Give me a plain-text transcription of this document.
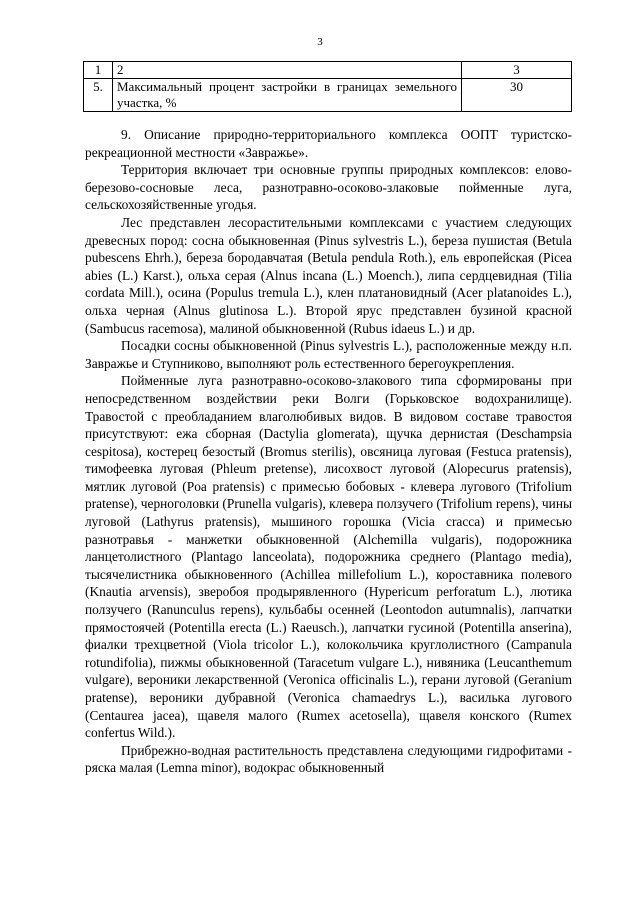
3
1	2	3
5.	Максимальный процент застройки в границах земельного участка, %	30

9. Описание природно-территориального комплекса ООПТ туристско-рекреационной местности «Завражье».

Территория включает три основные группы природных комплексов: елово-березово-сосновые леса, разнотравно-осоково-злаковые пойменные луга, сельскохозяйственные угодья.

Лес представлен лесорастительными комплексами с участием следующих древесных пород: сосна обыкновенная (Pinus sylvestris L.), береза пушистая (Betula pubescens Ehrh.), береза бородавчатая (Betula pendula Roth.), ель европейская (Picea abies (L.) Karst.), ольха серая (Alnus incana (L.) Moench.), липа сердцевидная (Tilia cordata Mill.), осина (Populus tremula L.), клен платановидный (Acer platanoides L.), ольха черная (Alnus glutinosa L.). Второй ярус представлен бузиной красной (Sambucus racemosa), малиной обыкновенной (Rubus idaeus L.) и др.

Посадки сосны обыкновенной (Pinus sylvestris L.), расположенные между н.п. Завражье и Ступниково, выполняют роль естественного берегоукрепления.

Пойменные луга разнотравно-осоково-злакового типа сформированы при непосредственном воздействии реки Волги (Горьковское водохранилище). Травостой с преобладанием влаголюбивых видов. В видовом составе травостоя присутствуют: ежа сборная (Dactylia glomerata), щучка дернистая (Deschampsia cespitosa), костерец безостый (Bromus sterilis), овсяница луговая (Festuca pratensis), тимофеевка луговая (Phleum pretense), лисохвост луговой (Alopecurus pratensis), мятлик луговой (Poa pratensis) с примесью бобовых - клевера лугового (Trifolium pratense), черноголовки (Prunella vulgaris), клевера ползучего (Trifolium repens), чины луговой (Lathyrus pratensis), мышиного горошка (Vicia cracca) и примесью разнотравья - манжетки обыкновенной (Alchemilla vulgaris), подорожника ланцетолистного (Plantago lanceolata), подорожника среднего (Plantago media), тысячелистника обыкновенного (Achillea millefolium L.), короставника полевого (Knautia arvensis), зверобоя продырявленного (Hypericum perforatum L.), лютика ползучего (Ranunculus repens), кульбабы осенней (Leontodon autumnalis), лапчатки прямостоячей (Potentilla erecta (L.) Raeusch.), лапчатки гусиной (Potentilla anserina), фиалки трехцветной (Viola tricolor L.), колокольчика круглолистного (Campanula rotundifolia), пижмы обыкновенной (Taracetum vulgare L.), нивяника (Leucanthemum vulgare), вероники лекарственной (Veronica officinalis L.), герани луговой (Geranium pratense), вероники дубравной (Veronica chamaedrys L.), василька лугового (Centaurea jacea), щавеля малого (Rumex acetosella), щавеля конского (Rumex confertus Wild.).

Прибрежно-водная растительность представлена следующими гидрофитами - ряска малая (Lemna minor), водокрас обыкновенный
